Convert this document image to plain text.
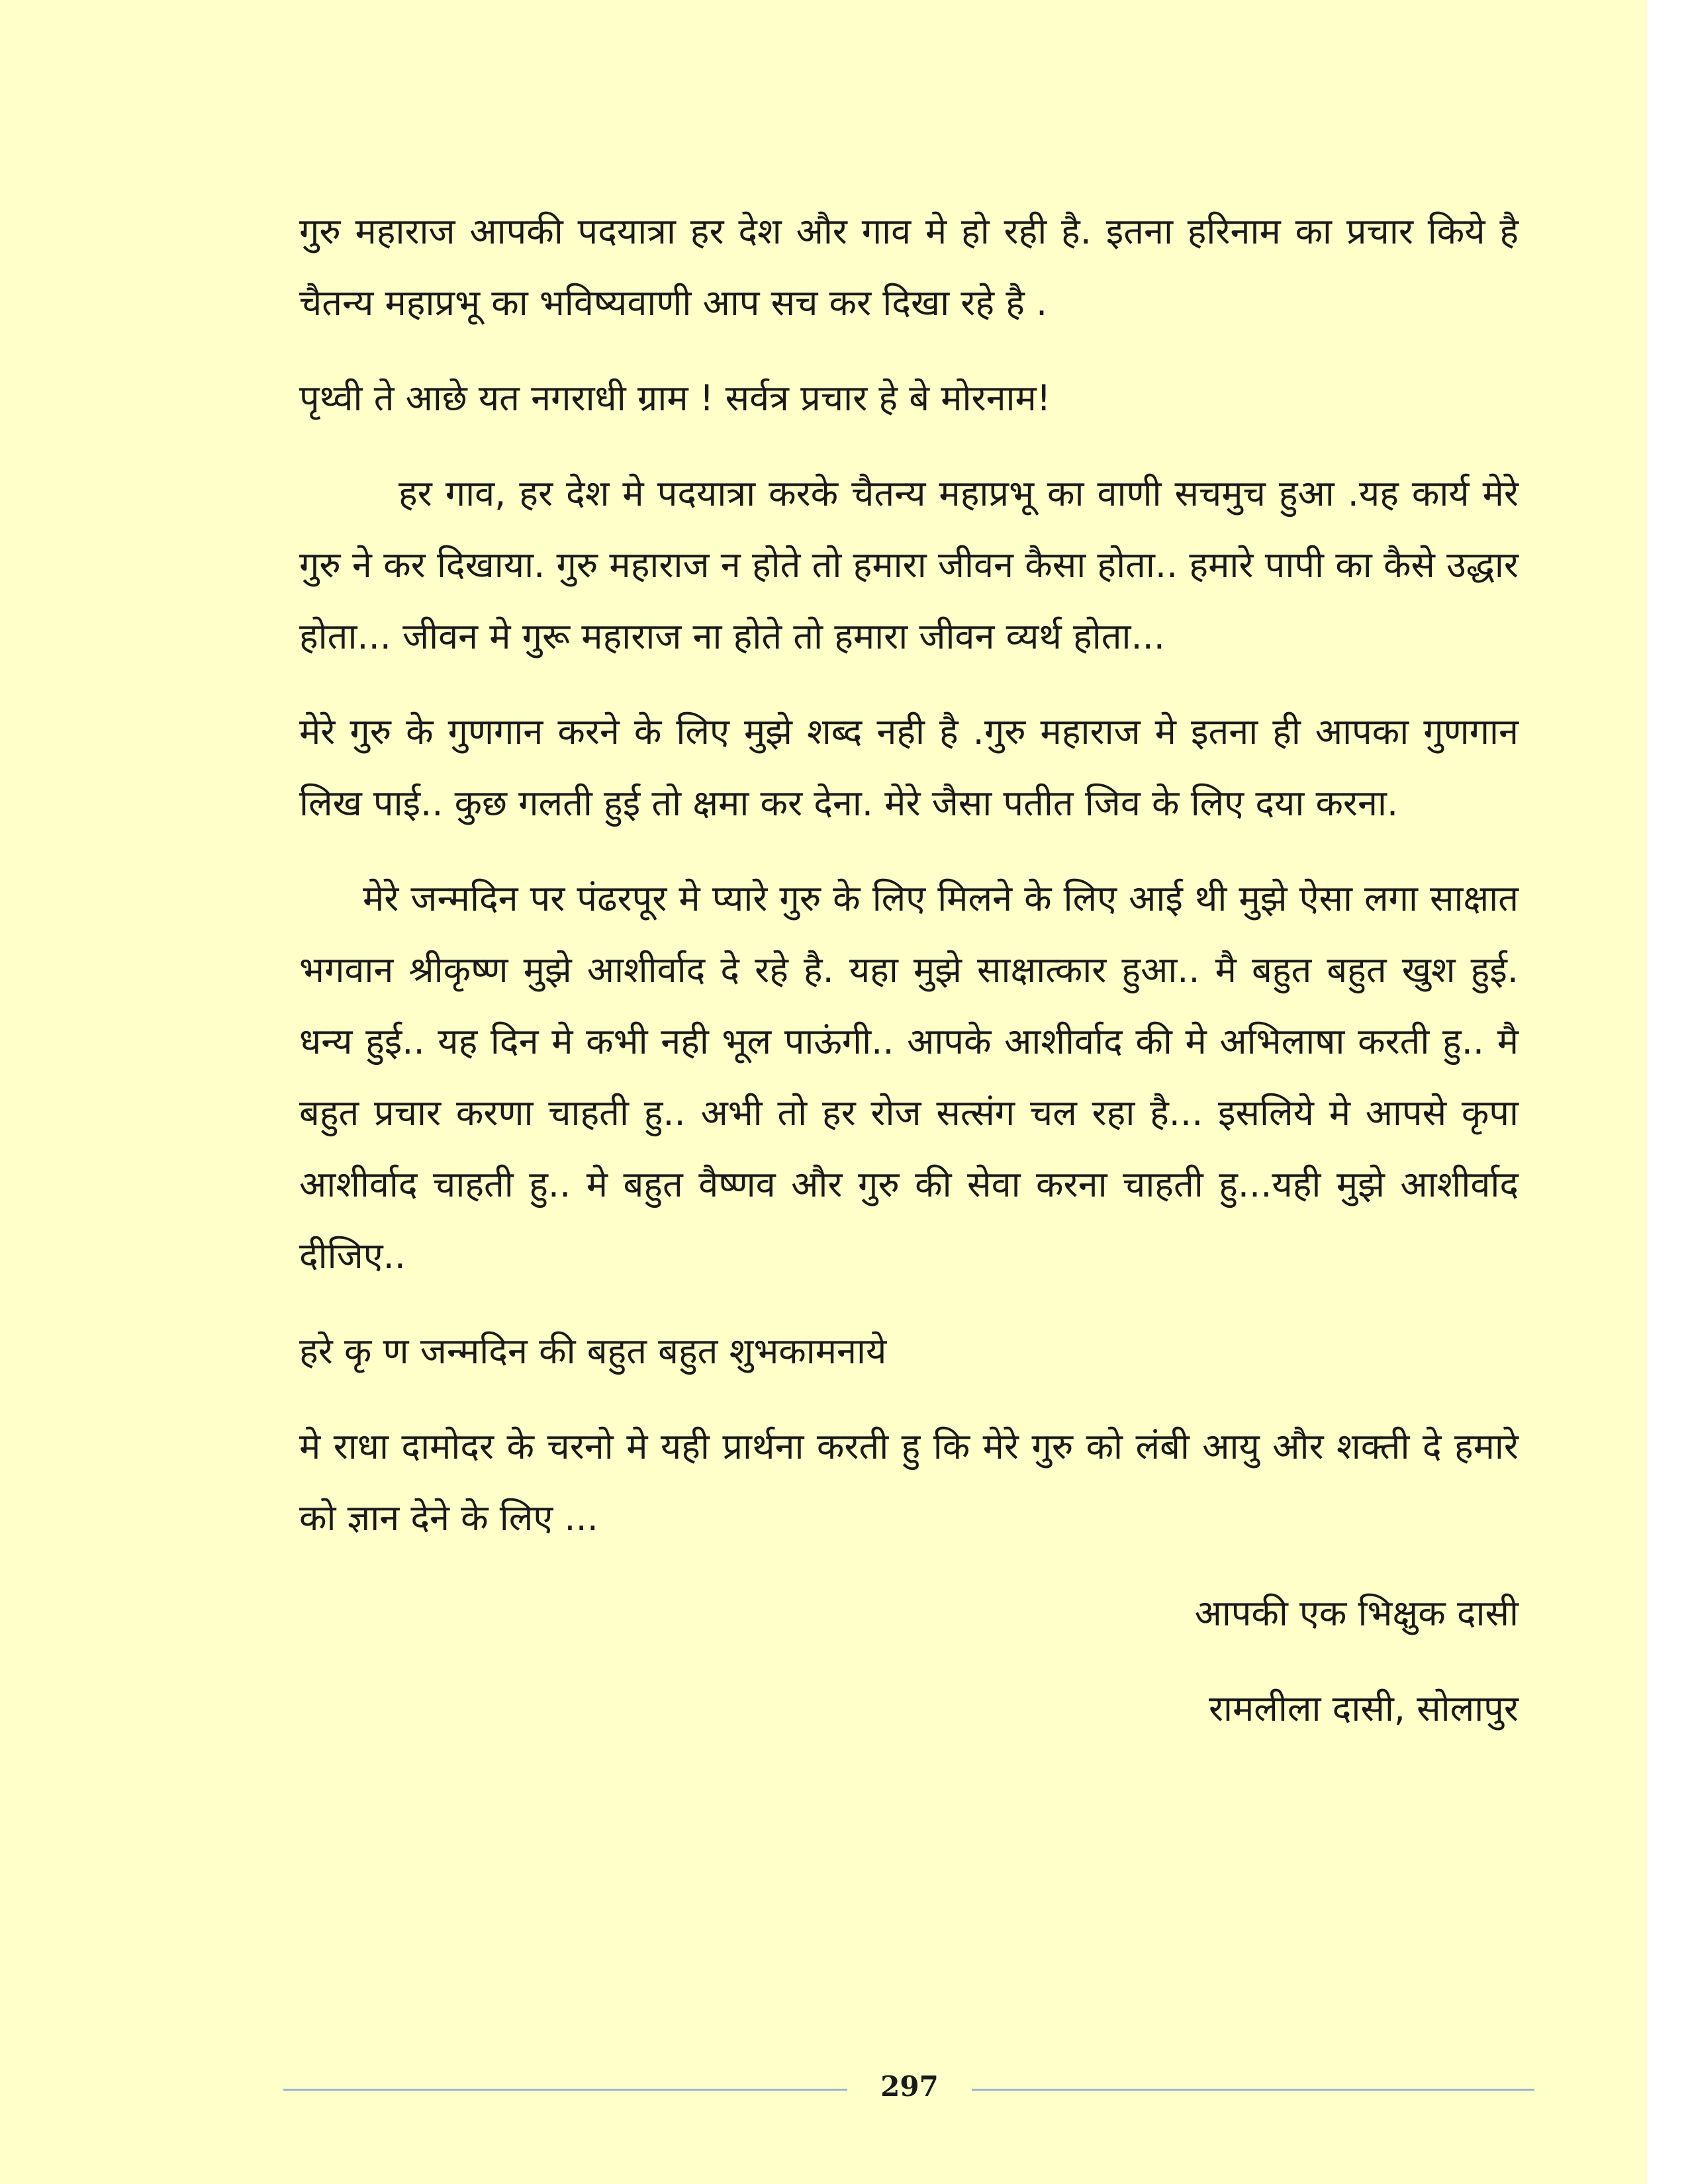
गुरु महाराज आपकी पदयात्रा हर देश और गाव मे हो रही है. इतना हरिनाम का प्रचार किये है चैतन्य महाप्रभू का भविष्यवाणी आप सच कर दिखा रहे है .

पृथ्वी ते आछे यत नगराधी ग्राम ! सर्वत्र प्रचार हे बे मोरनाम!

हर गाव, हर देश मे पदयात्रा करके चैतन्य महाप्रभू का वाणी सचमुच हुआ .यह कार्य मेरे गुरु ने कर दिखाया. गुरु महाराज न होते तो हमारा जीवन कैसा होता.. हमारे पापी का कैसे उद्धार होता... जीवन मे गुरू महाराज ना होते तो हमारा जीवन व्यर्थ होता...

मेरे गुरु के गुणगान करने के लिए मुझे शब्द नही है .गुरु महाराज मे इतना ही आपका गुणगान लिख पाई.. कुछ गलती हुई तो क्षमा कर देना. मेरे जैसा पतीत जिव के लिए दया करना.

मेरे जन्मदिन पर पंढरपूर मे प्यारे गुरु के लिए मिलने के लिए आई थी मुझे ऐसा लगा साक्षात भगवान श्रीकृष्ण मुझे आशीर्वाद दे रहे है. यहा मुझे साक्षात्कार हुआ.. मै बहुत बहुत खुश हुई. धन्य हुई.. यह दिन मे कभी नही भूल पाऊंगी.. आपके आशीर्वाद की मे अभिलाषा करती हु.. मै बहुत प्रचार करणा चाहती हु.. अभी तो हर रोज सत्संग चल रहा है... इसलिये मे आपसे कृपा आशीर्वाद चाहती हु.. मे बहुत वैष्णव और गुरु की सेवा करना चाहती हु...यही मुझे आशीर्वाद दीजिए..

हरे कृ ण जन्मदिन की बहुत बहुत शुभकामनाये

मे राधा दामोदर के चरनो मे यही प्रार्थना करती हु कि मेरे गुरु को लंबी आयु और शक्ती दे हमारे को ज्ञान देने के लिए ...

आपकी एक भिक्षुक दासी

रामलीला दासी, सोलापुर

297
